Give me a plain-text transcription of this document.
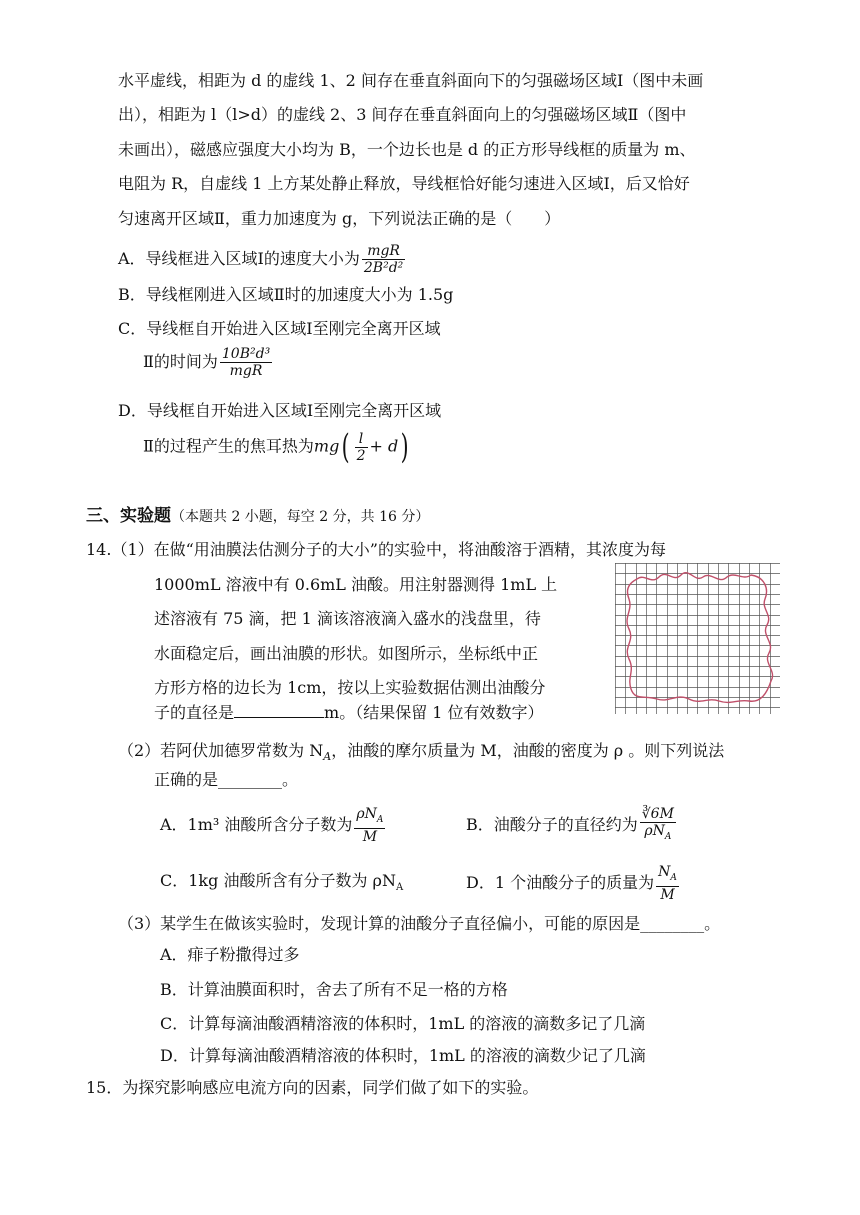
水平虚线，相距为 d 的虚线 1、2 间存在垂直斜面向下的匀强磁场区域Ⅰ（图中未画
出），相距为 l（l>d）的虚线 2、3 间存在垂直斜面向上的匀强磁场区域Ⅱ（图中
未画出），磁感应强度大小均为 B，一个边长也是 d 的正方形导线框的质量为 m、
电阻为 R，自虚线 1 上方某处静止释放，导线框恰好能匀速进入区域Ⅰ，后又恰好
匀速离开区域Ⅱ，重力加速度为 g，下列说法正确的是（　　）
A．导线框进入区域Ⅰ的速度大小为 $\frac{\text{mgR}}{\text{2B²d²}}$
B．导线框刚进入区域Ⅱ时的加速度大小为 1.5g
C．导线框自开始进入区域Ⅰ至刚完全离开区域
Ⅱ的时间为 $\frac{\text{10B²d³}}{\text{mgR}}$
D．导线框自开始进入区域Ⅰ至刚完全离开区域
Ⅱ的过程产生的焦耳热为$mg( \frac{l}{2} + d)$
三、实验题（本题共 2 小题，每空 2 分，共 16 分）
14.（1）在做“用油膜法估测分子的大小”的实验中，将油酸溶于酒精，其浓度为每
1000mL 溶液中有 0.6mL 油酸。用注射器测得 1mL 上
述溶液有 75 滴，把 1 滴该溶液滴入盛水的浅盘里，待
水面稳定后，画出油膜的形状。如图所示，坐标纸中正
方形方格的边长为 1cm，按以上实验数据估测出油酸分
子的直径是	m。（结果保留 1 位有效数字）
（2）若阿伏加德罗常数为 $N_A$，油酸的摩尔质量为 M，油酸的密度为 ρ 。则下列说法
正确的是________。
A．1m³ 油酸所含分子数为 $\frac{\rho N_A}{M}$	B．油酸分子的直径约为 $\frac{∛6M}{\rho N_A}$
C．1kg 油酸所含有分子数为 $\rho N_A$	D．1 个油酸分子的质量为 $\frac{N_A}{M}$
（3）某学生在做该实验时，发现计算的油酸分子直径偏小，可能的原因是________。
A．痱子粉撒得过多
B．计算油膜面积时，舍去了所有不足一格的方格
C．计算每滴油酸酒精溶液的体积时，1mL 的溶液的滴数多记了几滴
D．计算每滴油酸酒精溶液的体积时，1mL 的溶液的滴数少记了几滴
15．为探究影响感应电流方向的因素，同学们做了如下的实验。
